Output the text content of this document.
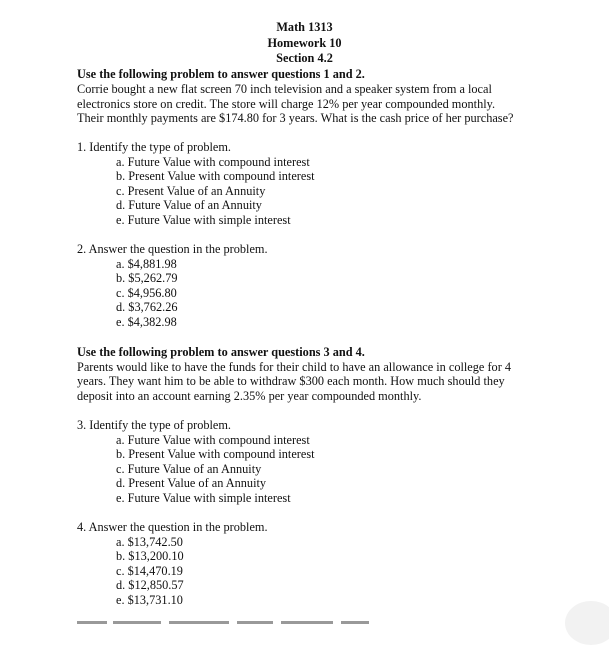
Math 1313
Homework 10
Section 4.2
Use the following problem to answer questions 1 and 2.
Corrie bought a new flat screen 70 inch television and a speaker system from a local
electronics store on credit. The store will charge 12% per year compounded monthly.
Their monthly payments are $174.80 for 3 years. What is the cash price of her purchase?
1. Identify the type of problem.
a. Future Value with compound interest
b. Present Value with compound interest
c. Present Value of an Annuity
d. Future Value of an Annuity
e. Future Value with simple interest
2. Answer the question in the problem.
a. $4,881.98
b. $5,262.79
c. $4,956.80
d. $3,762.26
e. $4,382.98
Use the following problem to answer questions 3 and 4.
Parents would like to have the funds for their child to have an allowance in college for 4
years. They want him to be able to withdraw $300 each month. How much should they
deposit into an account earning 2.35% per year compounded monthly.
3. Identify the type of problem.
a. Future Value with compound interest
b. Present Value with compound interest
c. Future Value of an Annuity
d. Present Value of an Annuity
e. Future Value with simple interest
4. Answer the question in the problem.
a. $13,742.50
b. $13,200.10
c. $14,470.19
d. $12,850.57
e. $13,731.10
